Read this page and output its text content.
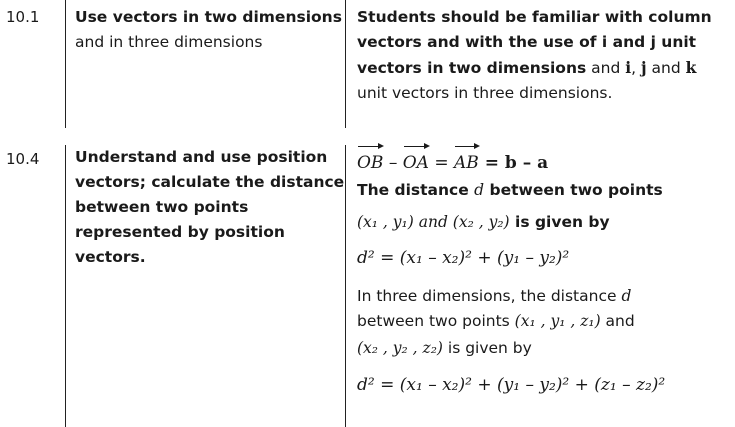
10.1 Use vectors in two dimensions and in three dimensions
Students should be familiar with column vectors and with the use of i and j unit vectors in two dimensions and i, j and k unit vectors in three dimensions.
10.4 Understand and use position vectors; calculate the distance between two points represented by position vectors.
OB – OA = AB = b – a
The distance d between two points
(x₁ , y₁) and (x₂ , y₂) is given by
d² = (x₁ – x₂)² + (y₁ – y₂)²
In three dimensions, the distance d
between two points (x₁ , y₁ , z₁) and
(x₂ , y₂ , z₂) is given by
d² = (x₁ – x₂)² + (y₁ – y₂)² + (z₁ – z₂)²
